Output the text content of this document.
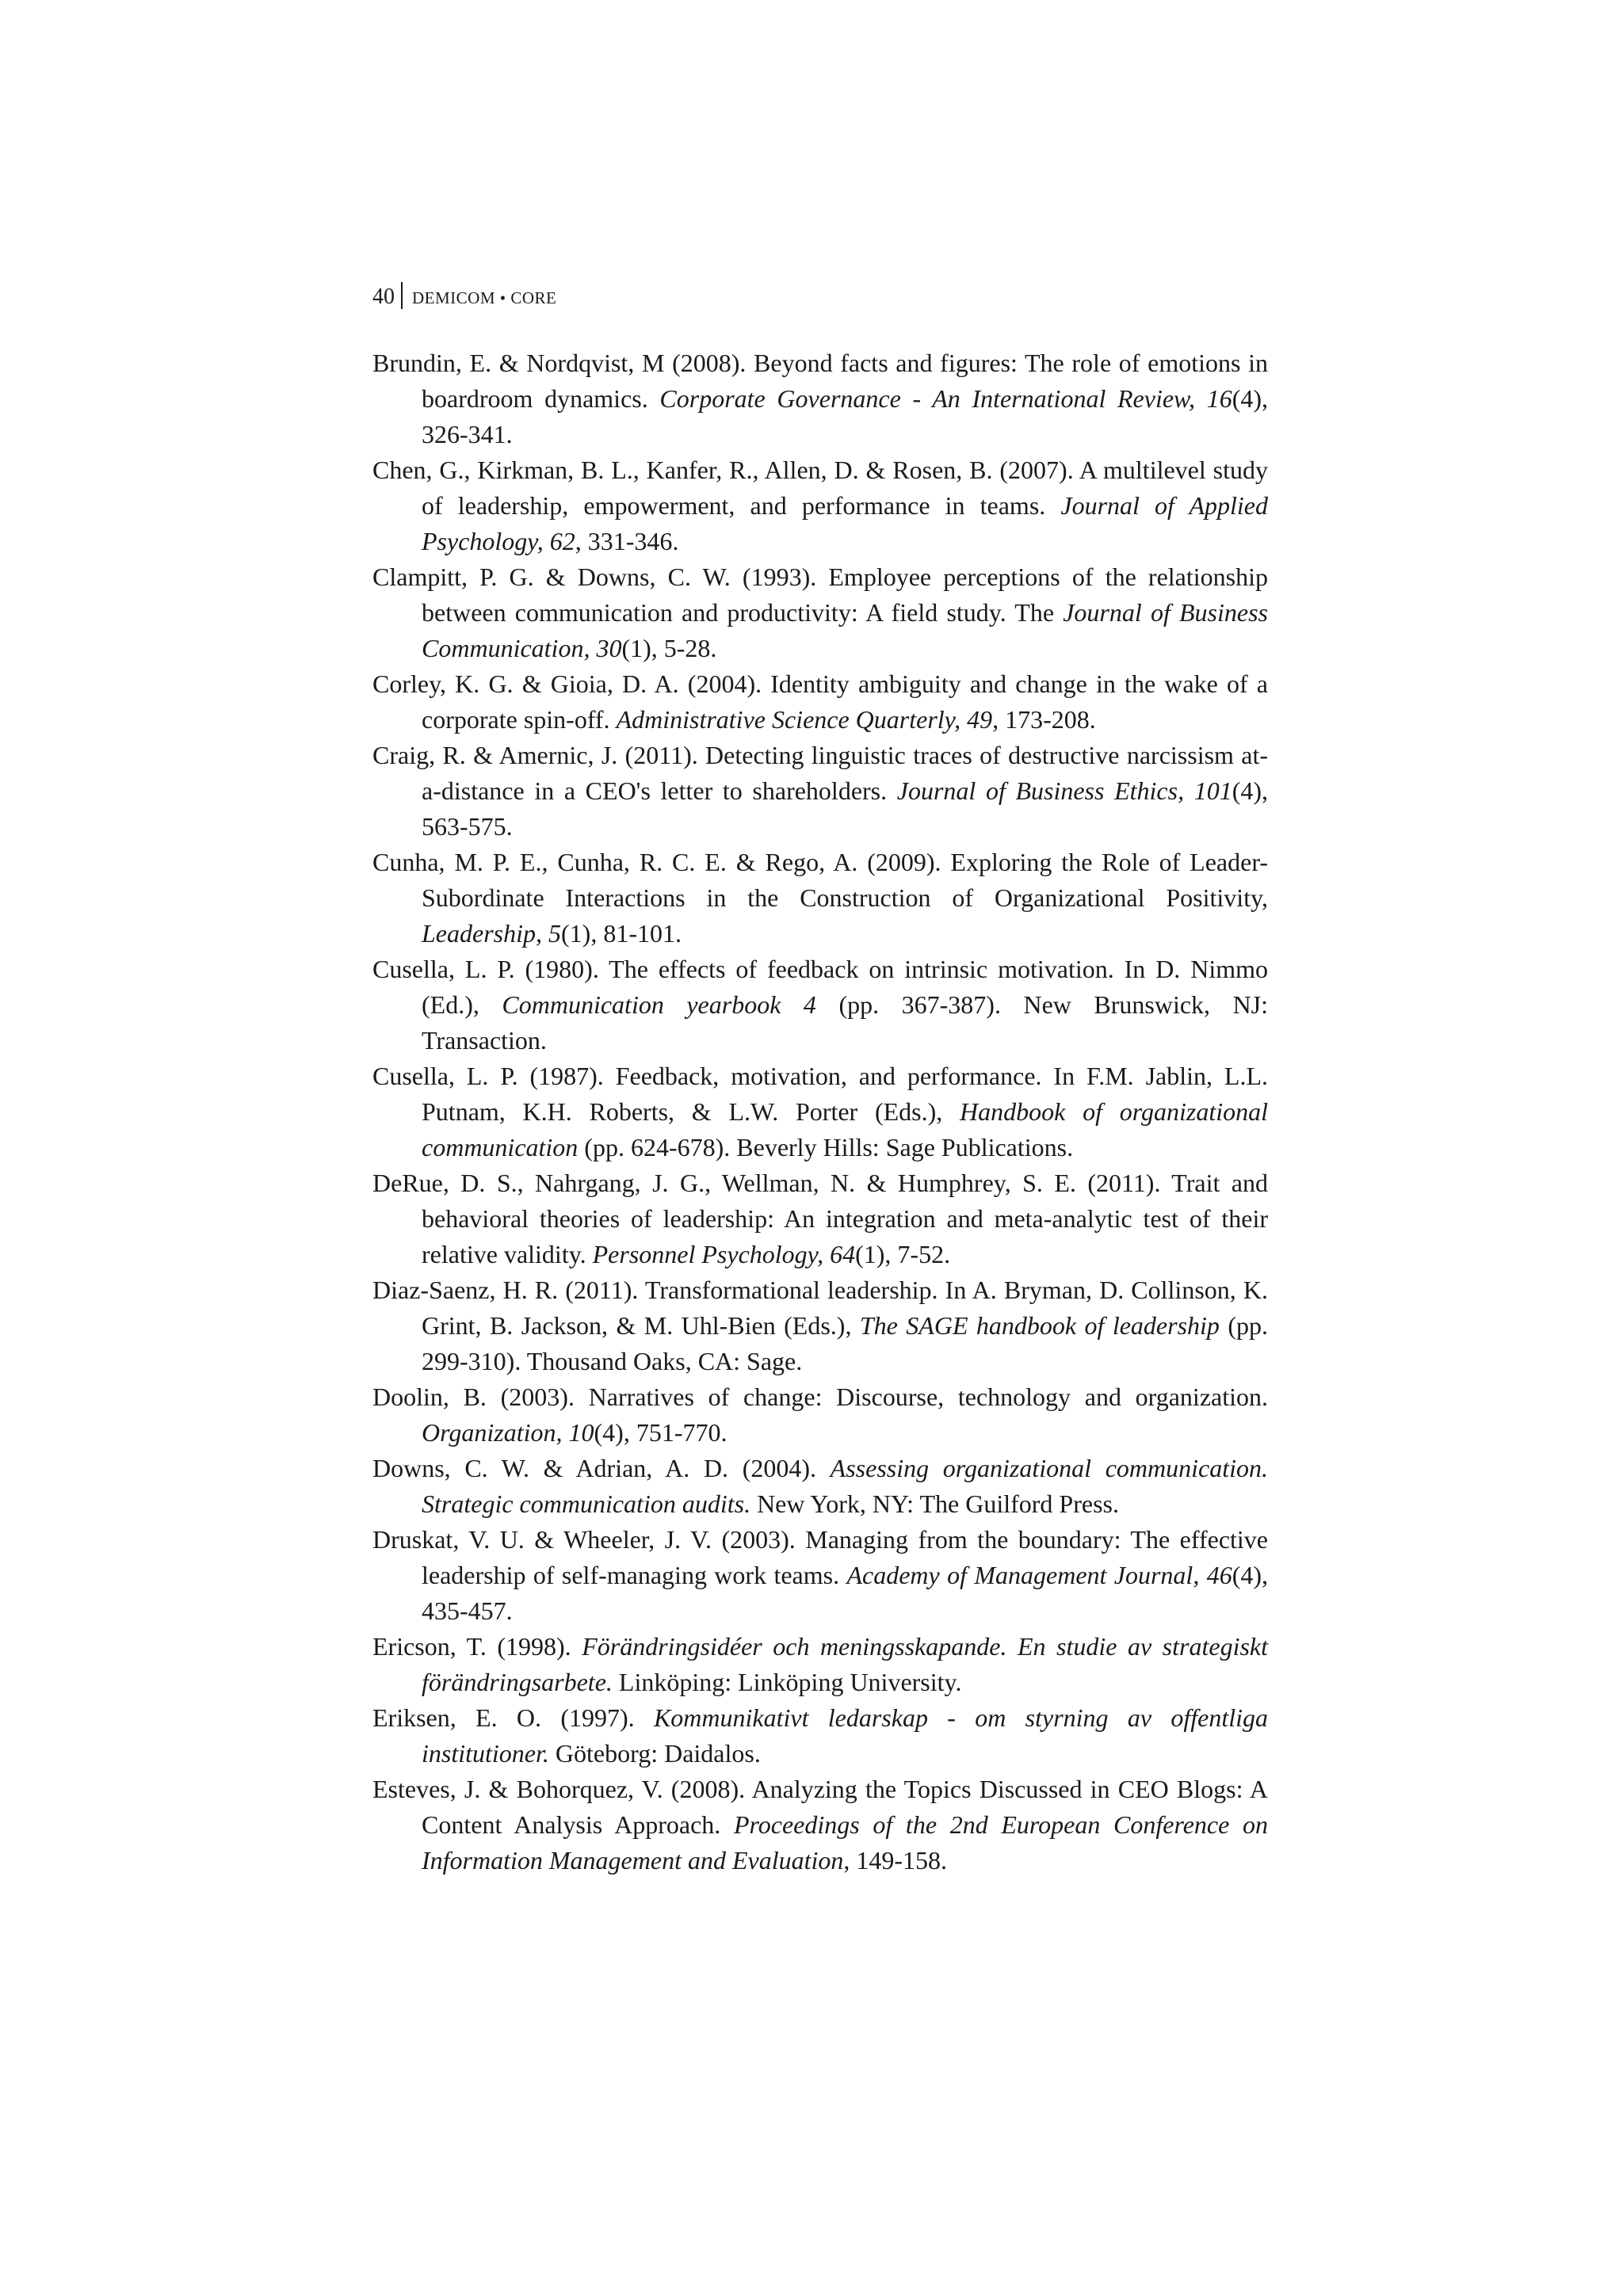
40 DEMICOM • CORE

Brundin, E. & Nordqvist, M (2008). Beyond facts and figures: The role of emotions in boardroom dynamics. Corporate Governance - An International Review, 16(4), 326-341.

Chen, G., Kirkman, B. L., Kanfer, R., Allen, D. & Rosen, B. (2007). A multilevel study of leadership, empowerment, and performance in teams. Journal of Applied Psychology, 62, 331-346.

Clampitt, P. G. & Downs, C. W. (1993). Employee perceptions of the relationship between communication and productivity: A field study. The Journal of Business Communication, 30(1), 5-28.

Corley, K. G. & Gioia, D. A. (2004). Identity ambiguity and change in the wake of a corporate spin-off. Administrative Science Quarterly, 49, 173-208.

Craig, R. & Amernic, J. (2011). Detecting linguistic traces of destructive narcissism at-a-distance in a CEO's letter to shareholders. Journal of Business Ethics, 101(4), 563-575.

Cunha, M. P. E., Cunha, R. C. E. & Rego, A. (2009). Exploring the Role of Leader-Subordinate Interactions in the Construction of Organizational Positivity, Leadership, 5(1), 81-101.

Cusella, L. P. (1980). The effects of feedback on intrinsic motivation. In D. Nimmo (Ed.), Communication yearbook 4 (pp. 367-387). New Brunswick, NJ: Transaction.

Cusella, L. P. (1987). Feedback, motivation, and performance. In F.M. Jablin, L.L. Putnam, K.H. Roberts, & L.W. Porter (Eds.), Handbook of organizational communication (pp. 624-678). Beverly Hills: Sage Publications.

DeRue, D. S., Nahrgang, J. G., Wellman, N. & Humphrey, S. E. (2011). Trait and behavioral theories of leadership: An integration and meta-analytic test of their relative validity. Personnel Psychology, 64(1), 7-52.

Diaz-Saenz, H. R. (2011). Transformational leadership. In A. Bryman, D. Collinson, K. Grint, B. Jackson, & M. Uhl-Bien (Eds.), The SAGE handbook of leadership (pp. 299-310). Thousand Oaks, CA: Sage.

Doolin, B. (2003). Narratives of change: Discourse, technology and organization. Organization, 10(4), 751-770.

Downs, C. W. & Adrian, A. D. (2004). Assessing organizational communication. Strategic communication audits. New York, NY: The Guilford Press.

Druskat, V. U. & Wheeler, J. V. (2003). Managing from the boundary: The effective leadership of self-managing work teams. Academy of Management Journal, 46(4), 435-457.

Ericson, T. (1998). Förändringsidéer och meningsskapande. En studie av strategiskt förändringsarbete. Linköping: Linköping University.

Eriksen, E. O. (1997). Kommunikativt ledarskap - om styrning av offentliga institutioner. Göteborg: Daidalos.

Esteves, J. & Bohorquez, V. (2008). Analyzing the Topics Discussed in CEO Blogs: A Content Analysis Approach. Proceedings of the 2nd European Conference on Information Management and Evaluation, 149-158.
